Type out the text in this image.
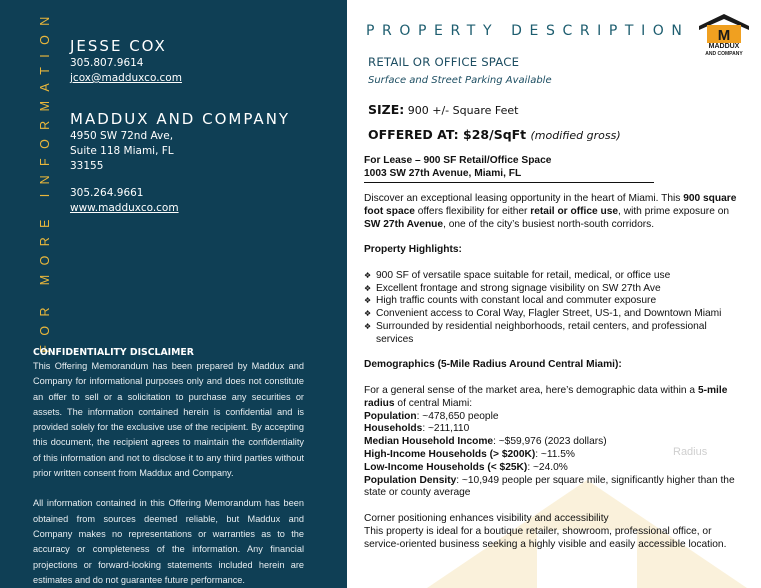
FOR MORE INFORMATION JESSE COX
305.807.9614
jcox@madduxco.com
MADDUX AND COMPANY
4950 SW 72nd Ave,
Suite 118 Miami, FL
33155
305.264.9661
www.madduxco.com
CONFIDENTIALITY DISCLAIMER

This Offering Memorandum has been prepared by Maddux and Company for informational purposes only and does not constitute an offer to sell or a solicitation to purchase any securities or assets. The information contained herein is confidential and is provided solely for the exclusive use of the recipient. By accepting this document, the recipient agrees to maintain the confidentiality of this information and not to disclose it to any third parties without prior written consent from Maddux and Company.

All information contained in this Offering Memorandum has been obtained from sources deemed reliable, but Maddux and Company makes no representations or warranties as to the accuracy or completeness of the information. Any financial projections or forward-looking statements included herein are estimates and do not guarantee future performance.

Radius
PROPERTY DESCRIPTION M
MADDUX
AND COMPANY
RETAIL OR OFFICE SPACE
Surface and Street Parking Available
SIZE: 900 +/- Square Feet
OFFERED AT: $28/SqFt (modified gross)
For Lease – 900 SF Retail/Office Space
1003 SW 27th Avenue, Miami, FL
Discover an exceptional leasing opportunity in the heart of Miami. This 900 square foot space offers flexibility for either retail or office use, with prime exposure on SW 27th Avenue, one of the city’s busiest north-south corridors.
Property Highlights:
❖ 900 SF of versatile space suitable for retail, medical, or office use
❖ Excellent frontage and strong signage visibility on SW 27th Ave
❖ High traffic counts with constant local and commuter exposure
❖ Convenient access to Coral Way, Flagler Street, US-1, and Downtown Miami
❖ Surrounded by residential neighborhoods, retail centers, and professional services
Demographics (5-Mile Radius Around Central Miami):
For a general sense of the market area, here’s demographic data within a 5-mile radius of central Miami:
Population: ~478,650 people
Households: ~211,110
Median Household Income: ~$59,976 (2023 dollars)
High-Income Households (> $200K): ~11.5%
Low-Income Households (< $25K): ~24.0%
Population Density: ~10,949 people per square mile, significantly higher than the state or county average
Corner positioning enhances visibility and accessibility
This property is ideal for a boutique retailer, showroom, professional office, or service-oriented business seeking a highly visible and easily accessible location.
